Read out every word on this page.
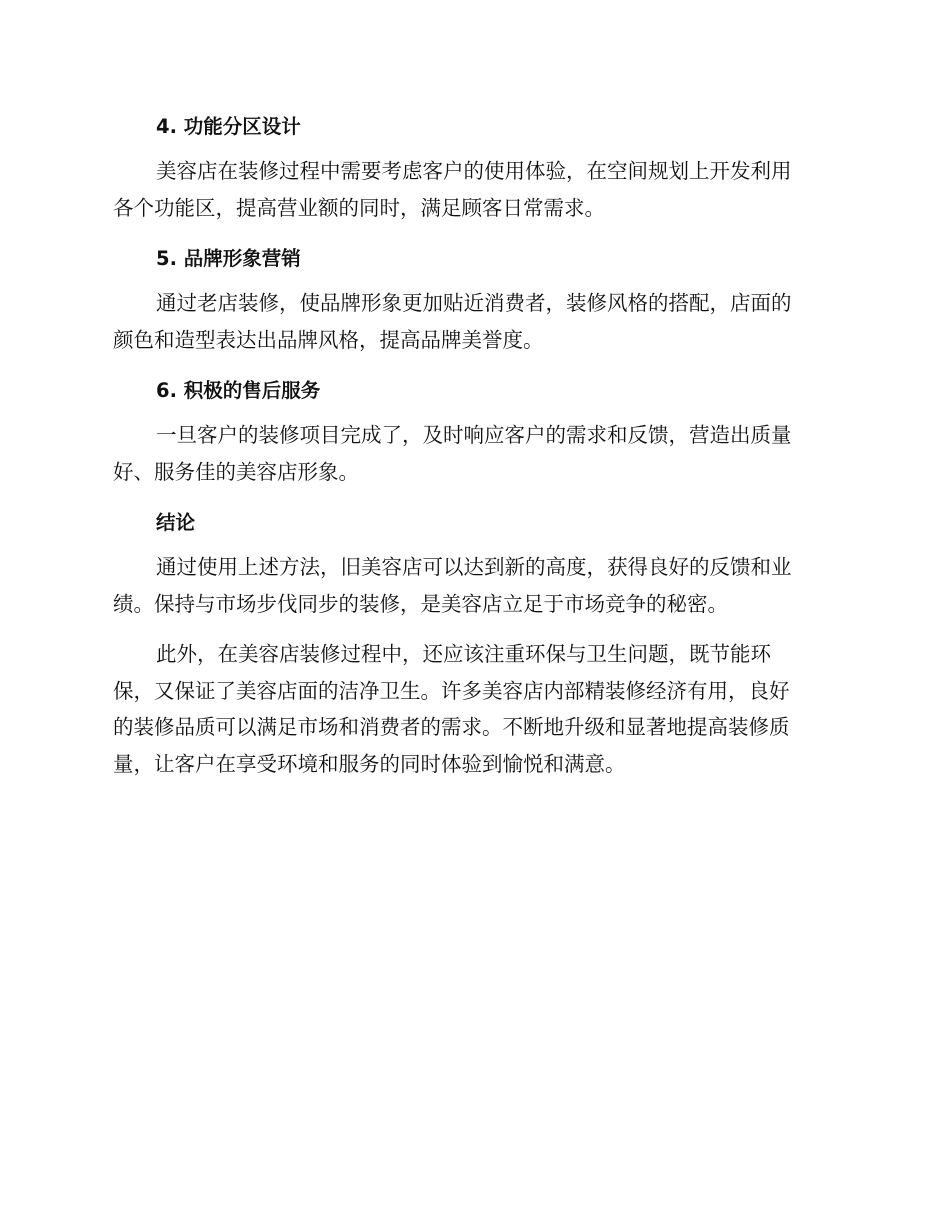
4. 功能分区设计
美容店在装修过程中需要考虑客户的使用体验，在空间规划上开发利用
各个功能区，提高营业额的同时，满足顾客日常需求。
5. 品牌形象营销
通过老店装修，使品牌形象更加贴近消费者，装修风格的搭配，店面的
颜色和造型表达出品牌风格，提高品牌美誉度。
6. 积极的售后服务
一旦客户的装修项目完成了，及时响应客户的需求和反馈，营造出质量
好、服务佳的美容店形象。
结论
通过使用上述方法，旧美容店可以达到新的高度，获得良好的反馈和业
绩。保持与市场步伐同步的装修，是美容店立足于市场竞争的秘密。
此外，在美容店装修过程中，还应该注重环保与卫生问题，既节能环
保，又保证了美容店面的洁净卫生。许多美容店内部精装修经济有用，良好
的装修品质可以满足市场和消费者的需求。不断地升级和显著地提高装修质
量，让客户在享受环境和服务的同时体验到愉悦和满意。
